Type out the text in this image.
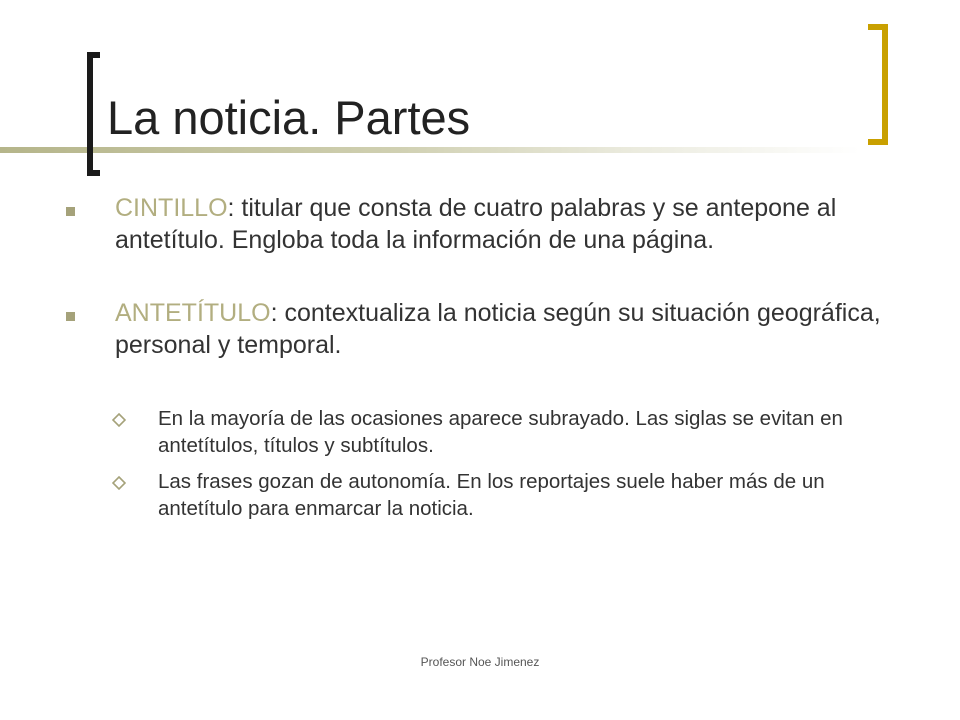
La noticia. Partes
CINTILLO: titular que consta de cuatro palabras y se antepone al antetítulo. Engloba toda la información de una página.
ANTETÍTULO: contextualiza la noticia según su situación geográfica, personal y temporal.
En la mayoría de las ocasiones aparece subrayado. Las siglas se evitan en antetítulos, títulos y subtítulos.
Las frases gozan de autonomía. En los reportajes suele haber más de un antetítulo para enmarcar la noticia.
Profesor Noe Jimenez
